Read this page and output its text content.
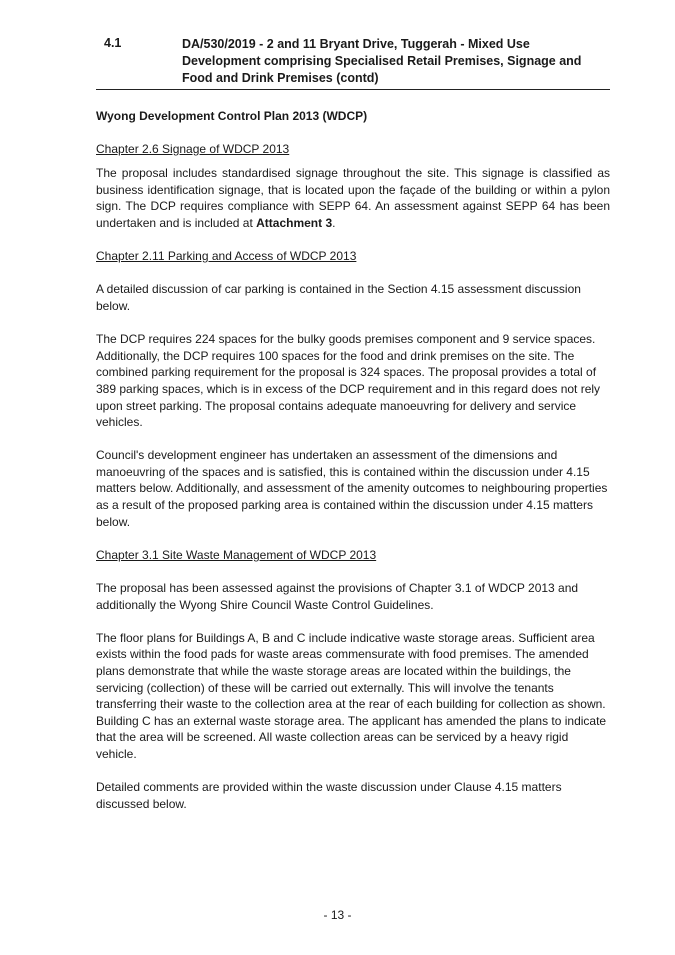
4.1	DA/530/2019 - 2 and 11 Bryant Drive, Tuggerah - Mixed Use Development comprising Specialised Retail Premises, Signage and Food and Drink Premises (contd)

Wyong Development Control Plan 2013 (WDCP)

Chapter 2.6 Signage of WDCP 2013

The proposal includes standardised signage throughout the site. This signage is classified as business identification signage, that is located upon the façade of the building or within a pylon sign. The DCP requires compliance with SEPP 64. An assessment against SEPP 64 has been undertaken and is included at Attachment 3.

Chapter 2.11 Parking and Access of WDCP 2013

A detailed discussion of car parking is contained in the Section 4.15 assessment discussion below.

The DCP requires 224 spaces for the bulky goods premises component and 9 service spaces. Additionally, the DCP requires 100 spaces for the food and drink premises on the site. The combined parking requirement for the proposal is 324 spaces. The proposal provides a total of 389 parking spaces, which is in excess of the DCP requirement and in this regard does not rely upon street parking. The proposal contains adequate manoeuvring for delivery and service vehicles.

Council's development engineer has undertaken an assessment of the dimensions and manoeuvring of the spaces and is satisfied, this is contained within the discussion under 4.15 matters below. Additionally, and assessment of the amenity outcomes to neighbouring properties as a result of the proposed parking area is contained within the discussion under 4.15 matters below.

Chapter 3.1 Site Waste Management of WDCP 2013

The proposal has been assessed against the provisions of Chapter 3.1 of WDCP 2013 and additionally the Wyong Shire Council Waste Control Guidelines.

The floor plans for Buildings A, B and C include indicative waste storage areas. Sufficient area exists within the food pads for waste areas commensurate with food premises. The amended plans demonstrate that while the waste storage areas are located within the buildings, the servicing (collection) of these will be carried out externally. This will involve the tenants transferring their waste to the collection area at the rear of each building for collection as shown. Building C has an external waste storage area. The applicant has amended the plans to indicate that the area will be screened. All waste collection areas can be serviced by a heavy rigid vehicle.

Detailed comments are provided within the waste discussion under Clause 4.15 matters discussed below.

- 13 -
